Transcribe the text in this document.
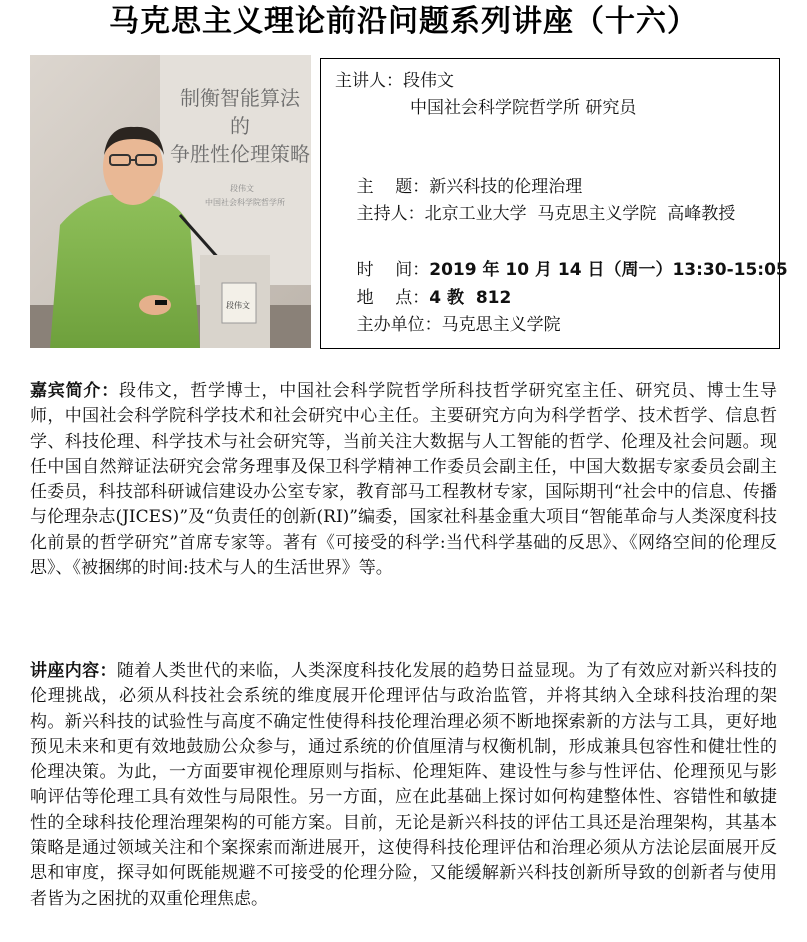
马克思主义理论前沿问题系列讲座（十六）
制衡智能算法
的
争胜性伦理策略
段伟文
中国社会科学院哲学所
段伟文
主讲人：段伟文
中国社会科学院哲学所 研究员

主    题：新兴科技的伦理治理

主持人：北京工业大学  马克思主义学院  高峰教授

时    间：2019 年 10 月 14 日（周一）13:30-15:05

地    点：4 教  812

主办单位：马克思主义学院

嘉宾简介：段伟文，哲学博士，中国社会科学院哲学所科技哲学研究室主任、研究员、博士生导师，中国社会科学院科学技术和社会研究中心主任。主要研究方向为科学哲学、技术哲学、信息哲学、科技伦理、科学技术与社会研究等，当前关注大数据与人工智能的哲学、伦理及社会问题。现任中国自然辩证法研究会常务理事及保卫科学精神工作委员会副主任，中国大数据专家委员会副主任委员，科技部科研诚信建设办公室专家，教育部马工程教材专家，国际期刊“社会中的信息、传播与伦理杂志(JICES)”及“负责任的创新(RI)”编委，国家社科基金重大项目“智能革命与人类深度科技化前景的哲学研究”首席专家等。著有《可接受的科学:当代科学基础的反思》、《网络空间的伦理反思》、《被捆绑的时间:技术与人的生活世界》等。
讲座内容：随着人类世代的来临，人类深度科技化发展的趋势日益显现。为了有效应对新兴科技的伦理挑战，必须从科技社会系统的维度展开伦理评估与政治监管，并将其纳入全球科技治理的架构。新兴科技的试验性与高度不确定性使得科技伦理治理必须不断地探索新的方法与工具，更好地预见未来和更有效地鼓励公众参与，通过系统的价值厘清与权衡机制，形成兼具包容性和健壮性的伦理决策。为此，一方面要审视伦理原则与指标、伦理矩阵、建设性与参与性评估、伦理预见与影响评估等伦理工具有效性与局限性。另一方面，应在此基础上探讨如何构建整体性、容错性和敏捷性的全球科技伦理治理架构的可能方案。目前，无论是新兴科技的评估工具还是治理架构，其基本策略是通过领域关注和个案探索而渐进展开，这使得科技伦理评估和治理必须从方法论层面展开反思和审度，探寻如何既能规避不可接受的伦理分险，又能缓解新兴科技创新所导致的创新者与使用者皆为之困扰的双重伦理焦虑。
